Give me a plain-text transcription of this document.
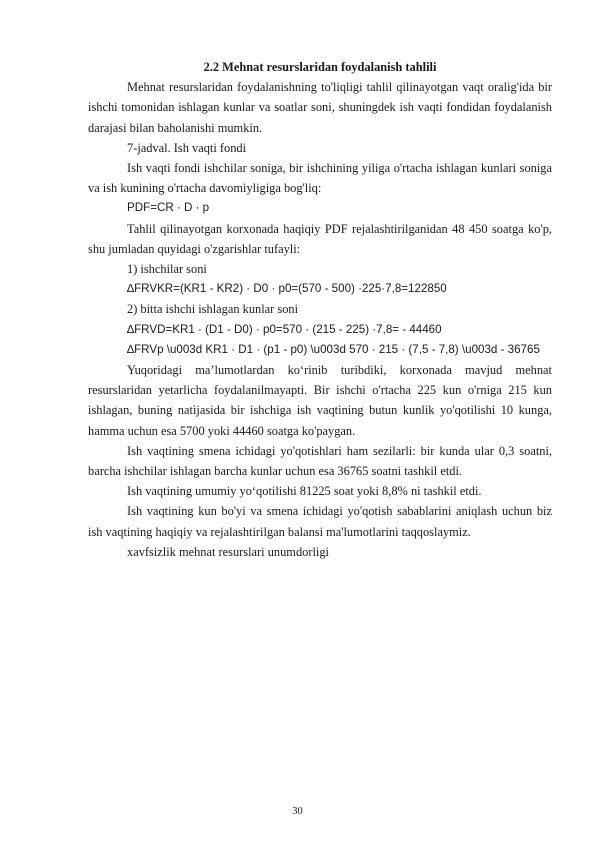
2.2 Mehnat resurslaridan foydalanish tahlili

Mehnat resurslaridan foydalanishning to'liqligi tahlil qilinayotgan vaqt oralig'ida bir ishchi tomonidan ishlagan kunlar va soatlar soni, shuningdek ish vaqti fondidan foydalanish darajasi bilan baholanishi mumkin.

7-jadval. Ish vaqti fondi

Ish vaqti fondi ishchilar soniga, bir ishchining yiliga o'rtacha ishlagan kunlari soniga va ish kunining o'rtacha davomiyligiga bog'liq:

PDF=CR · D · p

Tahlil qilinayotgan korxonada haqiqiy PDF rejalashtirilganidan 48 450 soatga ko'p, shu jumladan quyidagi o'zgarishlar tufayli:

1) ishchilar soni

∆FRVKR=(KR1 - KR2) · D0 · p0=(570 - 500) ·225·7,8=122850

2) bitta ishchi ishlagan kunlar soni

∆FRVD=KR1 · (D1 - D0) · p0=570 · (215 - 225) ·7,8= - 44460

∆FRVp \u003d KR1 · D1 · (p1 - p0) \u003d 570 · 215 · (7,5 - 7,8) \u003d - 36765

Yuqoridagi ma’lumotlardan ko‘rinib turibdiki, korxonada mavjud mehnat resurslaridan yetarlicha foydalanilmayapti. Bir ishchi o'rtacha 225 kun o'rniga 215 kun ishlagan, buning natijasida bir ishchiga ish vaqtining butun kunlik yo'qotilishi 10 kunga, hamma uchun esa 5700 yoki 44460 soatga ko'paygan.

Ish vaqtining smena ichidagi yo'qotishlari ham sezilarli: bir kunda ular 0,3 soatni, barcha ishchilar ishlagan barcha kunlar uchun esa 36765 soatni tashkil etdi.

Ish vaqtining umumiy yo‘qotilishi 81225 soat yoki 8,8% ni tashkil etdi.

Ish vaqtining kun bo'yi va smena ichidagi yo'qotish sabablarini aniqlash uchun biz ish vaqtining haqiqiy va rejalashtirilgan balansi ma'lumotlarini taqqoslaymiz.

xavfsizlik mehnat resurslari unumdorligi

30
